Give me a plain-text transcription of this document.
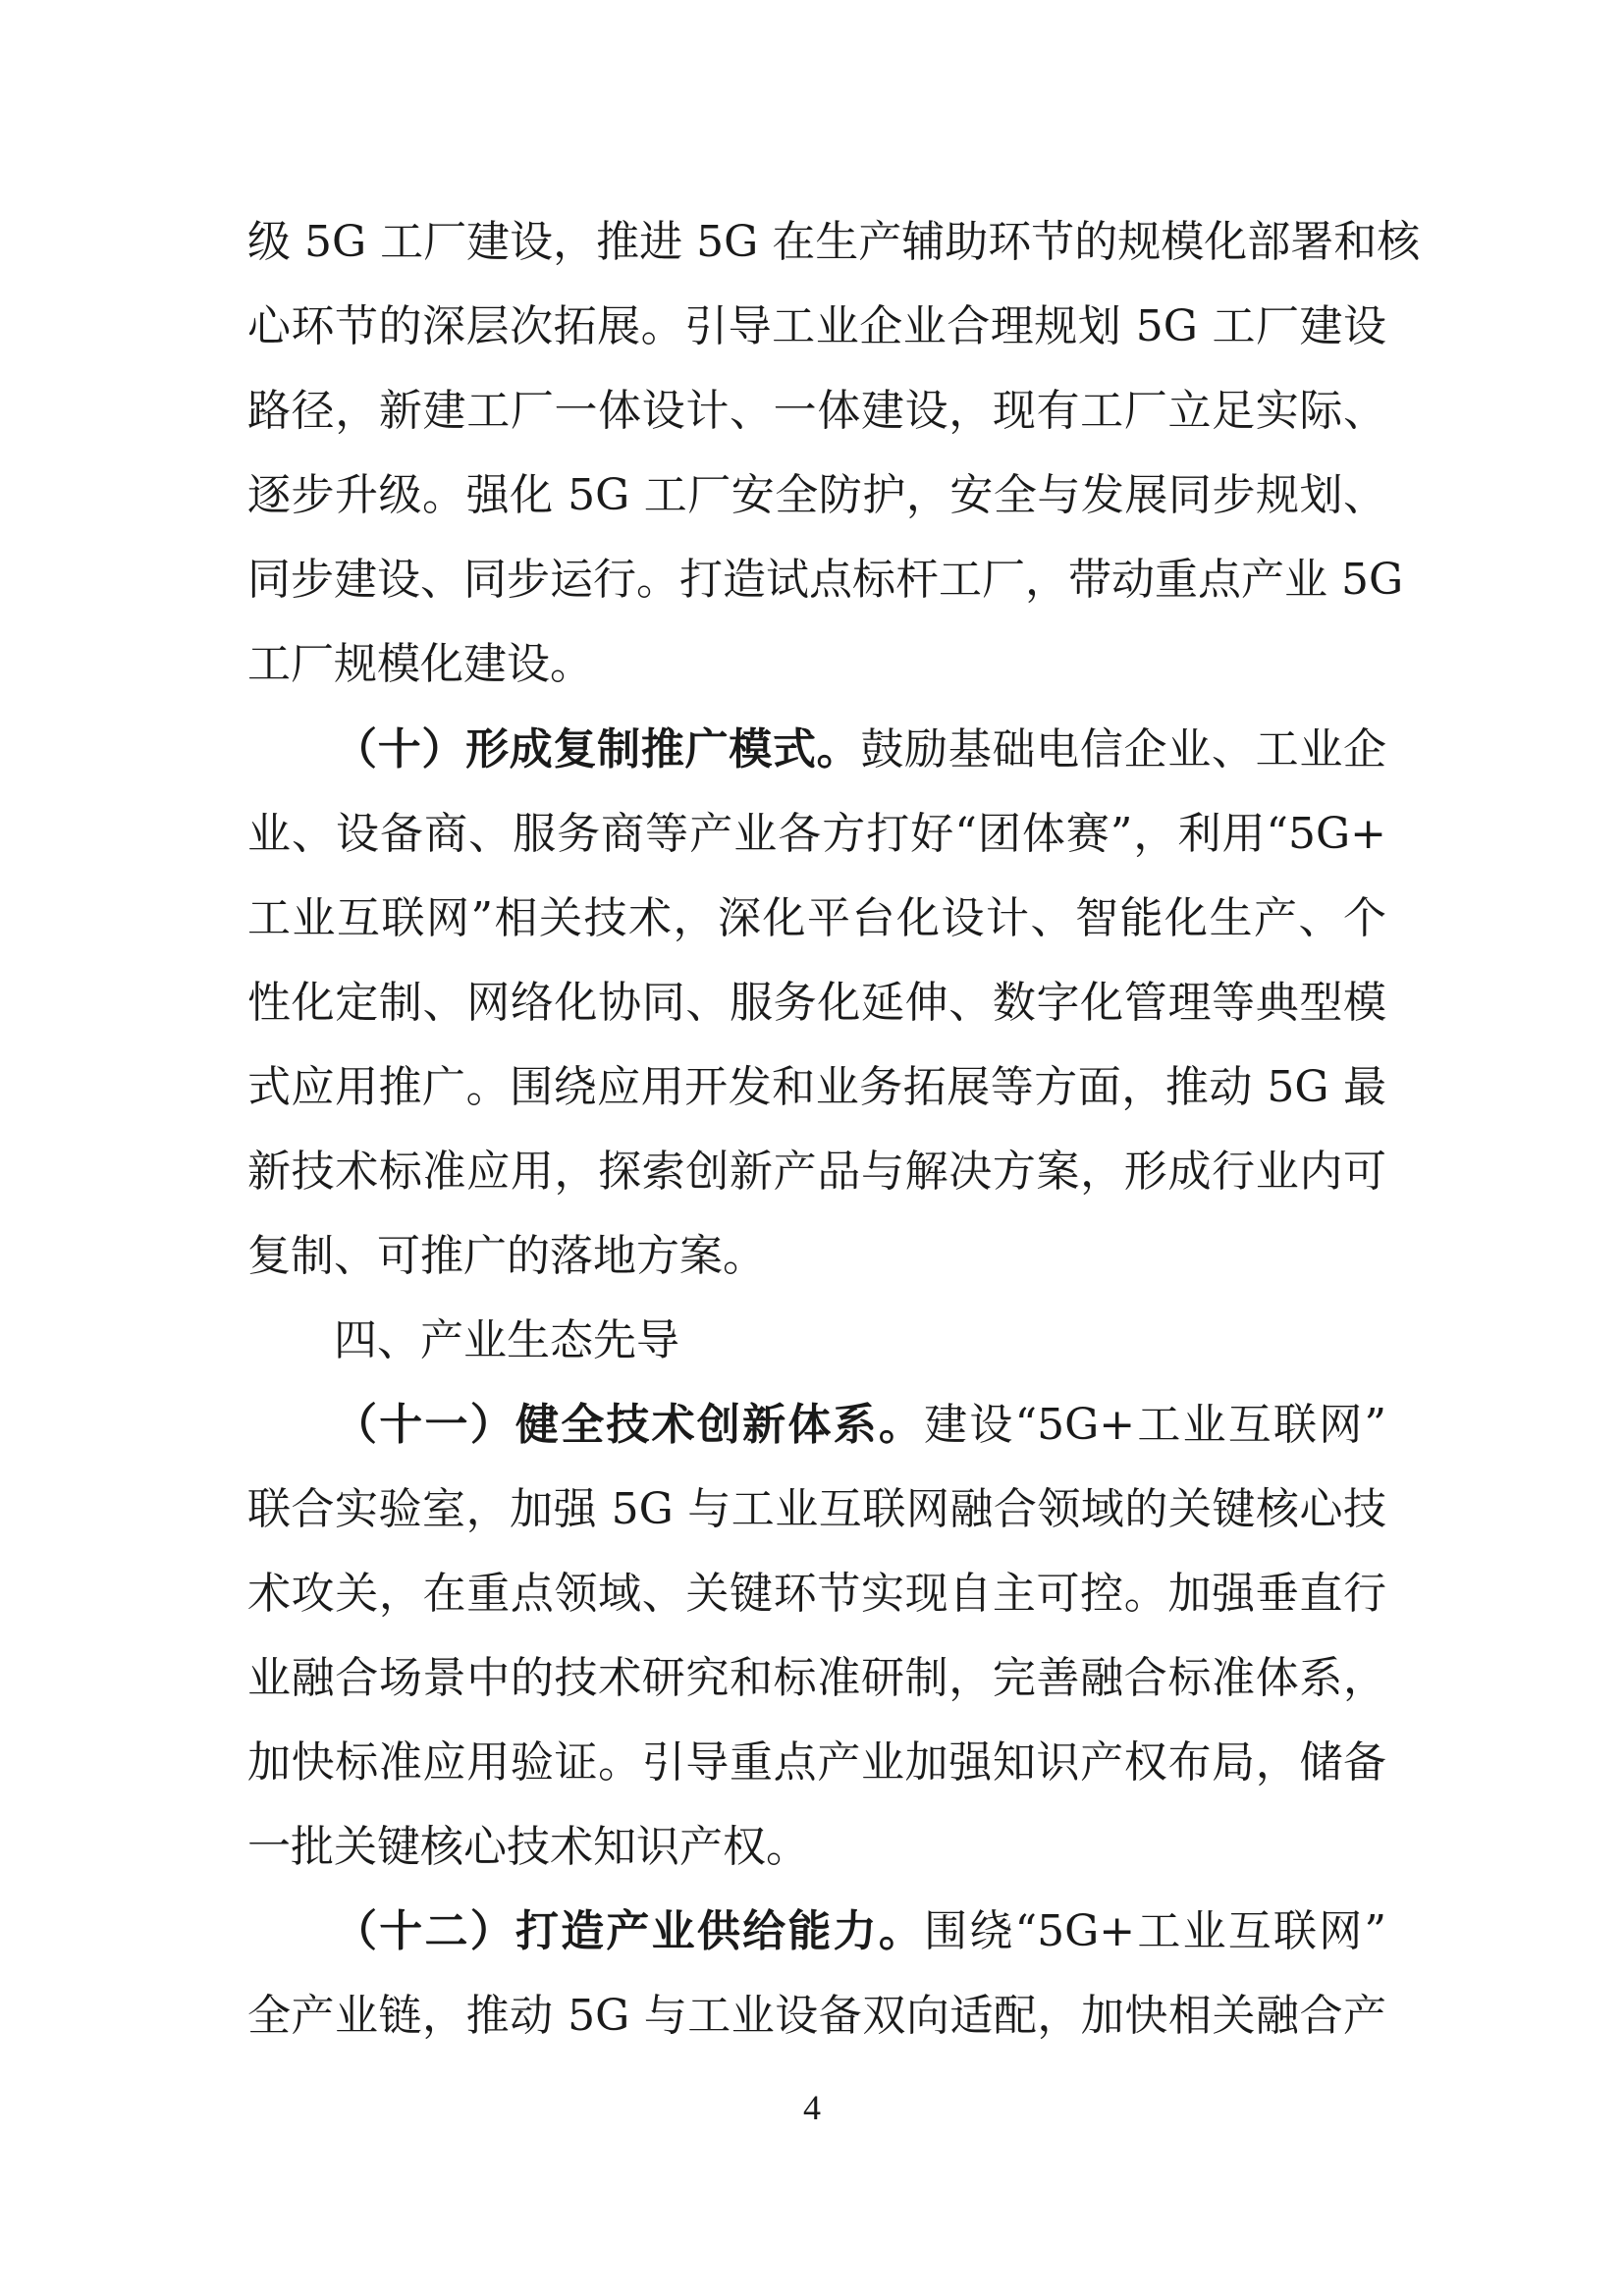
级 5G 工厂建设，推进 5G 在生产辅助环节的规模化部署和核
心环节的深层次拓展。引导工业企业合理规划 5G 工厂建设
路径，新建工厂一体设计、一体建设，现有工厂立足实际、
逐步升级。强化 5G 工厂安全防护，安全与发展同步规划、
同步建设、同步运行。打造试点标杆工厂，带动重点产业 5G
工厂规模化建设。
（十）形成复制推广模式。鼓励基础电信企业、工业企
业、设备商、服务商等产业各方打好“团体赛”，利用“5G+
工业互联网”相关技术，深化平台化设计、智能化生产、个
性化定制、网络化协同、服务化延伸、数字化管理等典型模
式应用推广。围绕应用开发和业务拓展等方面，推动 5G 最
新技术标准应用，探索创新产品与解决方案，形成行业内可
复制、可推广的落地方案。
四、产业生态先导
（十一）健全技术创新体系。建设“5G+工业互联网”
联合实验室，加强 5G 与工业互联网融合领域的关键核心技
术攻关，在重点领域、关键环节实现自主可控。加强垂直行
业融合场景中的技术研究和标准研制，完善融合标准体系，
加快标准应用验证。引导重点产业加强知识产权布局，储备
一批关键核心技术知识产权。
（十二）打造产业供给能力。围绕“5G+工业互联网”
全产业链，推动 5G 与工业设备双向适配，加快相关融合产
4
